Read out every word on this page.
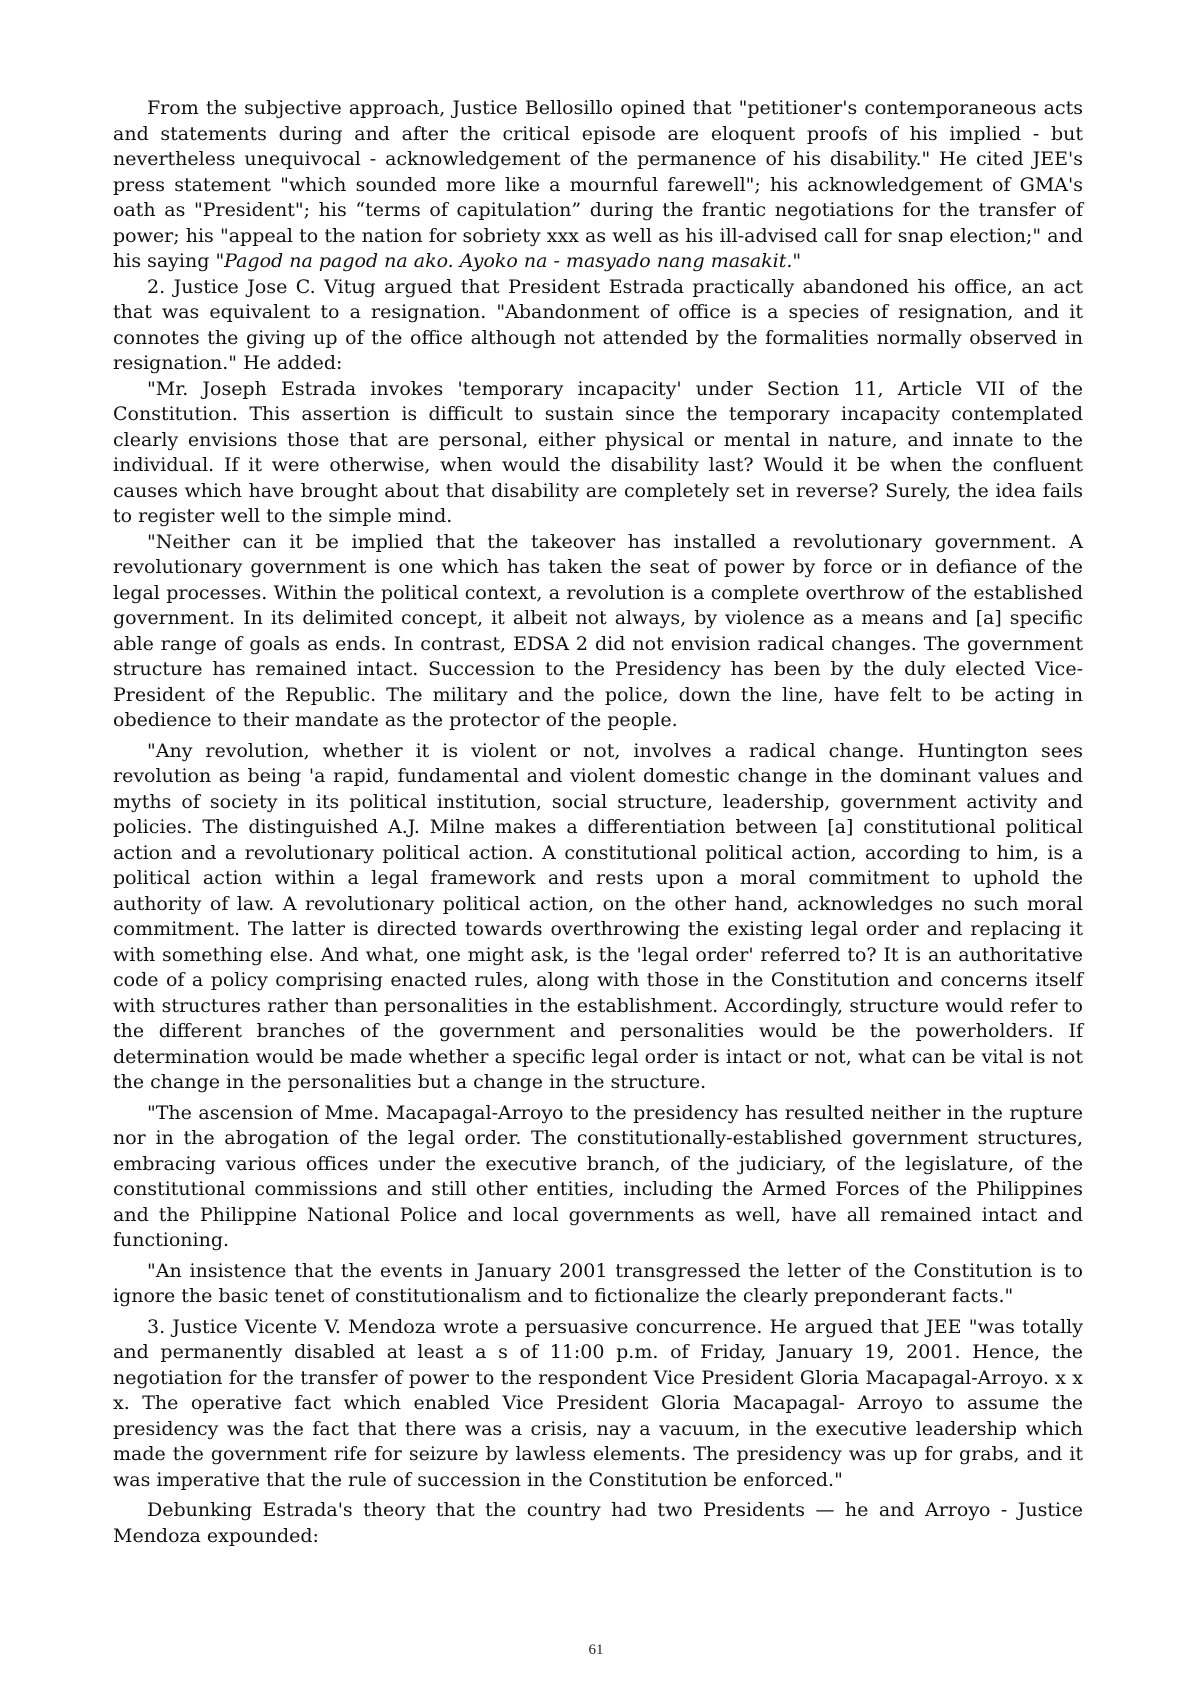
From the subjective approach, Justice Bellosillo opined that "petitioner's contemporaneous acts and statements during and after the critical episode are eloquent proofs of his implied - but nevertheless unequivocal - acknowledgement of the permanence of his disability." He cited JEE's press statement "which sounded more like a mournful farewell"; his acknowledgement of GMA's oath as "President"; his “terms of capitulation” during the frantic negotiations for the transfer of power; his "appeal to the nation for sobriety xxx as well as his ill-advised call for snap election;" and his saying "Pagod na pagod na ako. Ayoko na - masyado nang masakit."

2. Justice Jose C. Vitug argued that President Estrada practically abandoned his office, an act that was equivalent to a resignation. "Abandonment of office is a species of resignation, and it connotes the giving up of the office although not attended by the formalities normally observed in resignation." He added:

"Mr. Joseph Estrada invokes 'temporary incapacity' under Section 11, Article VII of the Constitution. This assertion is difficult to sustain since the temporary incapacity contemplated clearly envisions those that are personal, either physical or mental in nature, and innate to the individual. If it were otherwise, when would the disability last? Would it be when the confluent causes which have brought about that disability are completely set in reverse? Surely, the idea fails to register well to the simple mind.

"Neither can it be implied that the takeover has installed a revolutionary government. A revolutionary government is one which has taken the seat of power by force or in defiance of the legal processes. Within the political context, a revolution is a complete overthrow of the established government. In its delimited concept, it albeit not always, by violence as a means and [a] specific able range of goals as ends. In contrast, EDSA 2 did not envision radical changes. The government structure has remained intact. Succession to the Presidency has been by the duly elected Vice-President of the Republic. The military and the police, down the line, have felt to be acting in obedience to their mandate as the protector of the people.

"Any revolution, whether it is violent or not, involves a radical change. Huntington sees revolution as being 'a rapid, fundamental and violent domestic change in the dominant values and myths of society in its political institution, social structure, leadership, government activity and policies. The distinguished A.J. Milne makes a differentiation between [a] constitutional political action and a revolutionary political action. A constitutional political action, according to him, is a political action within a legal framework and rests upon a moral commitment to uphold the authority of law. A revolutionary political action, on the other hand, acknowledges no such moral commitment. The latter is directed towards overthrowing the existing legal order and replacing it with something else. And what, one might ask, is the 'legal order' referred to? It is an authoritative code of a policy comprising enacted rules, along with those in the Constitution and concerns itself with structures rather than personalities in the establishment. Accordingly, structure would refer to the different branches of the government and personalities would be the powerholders. If determination would be made whether a specific legal order is intact or not, what can be vital is not the change in the personalities but a change in the structure.

"The ascension of Mme. Macapagal-Arroyo to the presidency has resulted neither in the rupture nor in the abrogation of the legal order. The constitutionally-established government structures, embracing various offices under the executive branch, of the judiciary, of the legislature, of the constitutional commissions and still other entities, including the Armed Forces of the Philippines and the Philippine National Police and local governments as well, have all remained intact and functioning.

"An insistence that the events in January 2001 transgressed the letter of the Constitution is to ignore the basic tenet of constitutionalism and to fictionalize the clearly preponderant facts."

3. Justice Vicente V. Mendoza wrote a persuasive concurrence. He argued that JEE "was totally and permanently disabled at least a s of 11:00 p.m. of Friday, January 19, 2001. Hence, the negotiation for the transfer of power to the respondent Vice President Gloria Macapagal-Arroyo. x x x. The operative fact which enabled Vice President Gloria Macapagal- Arroyo to assume the presidency was the fact that there was a crisis, nay a vacuum, in the executive leadership which made the government rife for seizure by lawless elements. The presidency was up for grabs, and it was imperative that the rule of succession in the Constitution be enforced."

Debunking Estrada's theory that the country had two Presidents — he and Arroyo - Justice Mendoza expounded:

61
